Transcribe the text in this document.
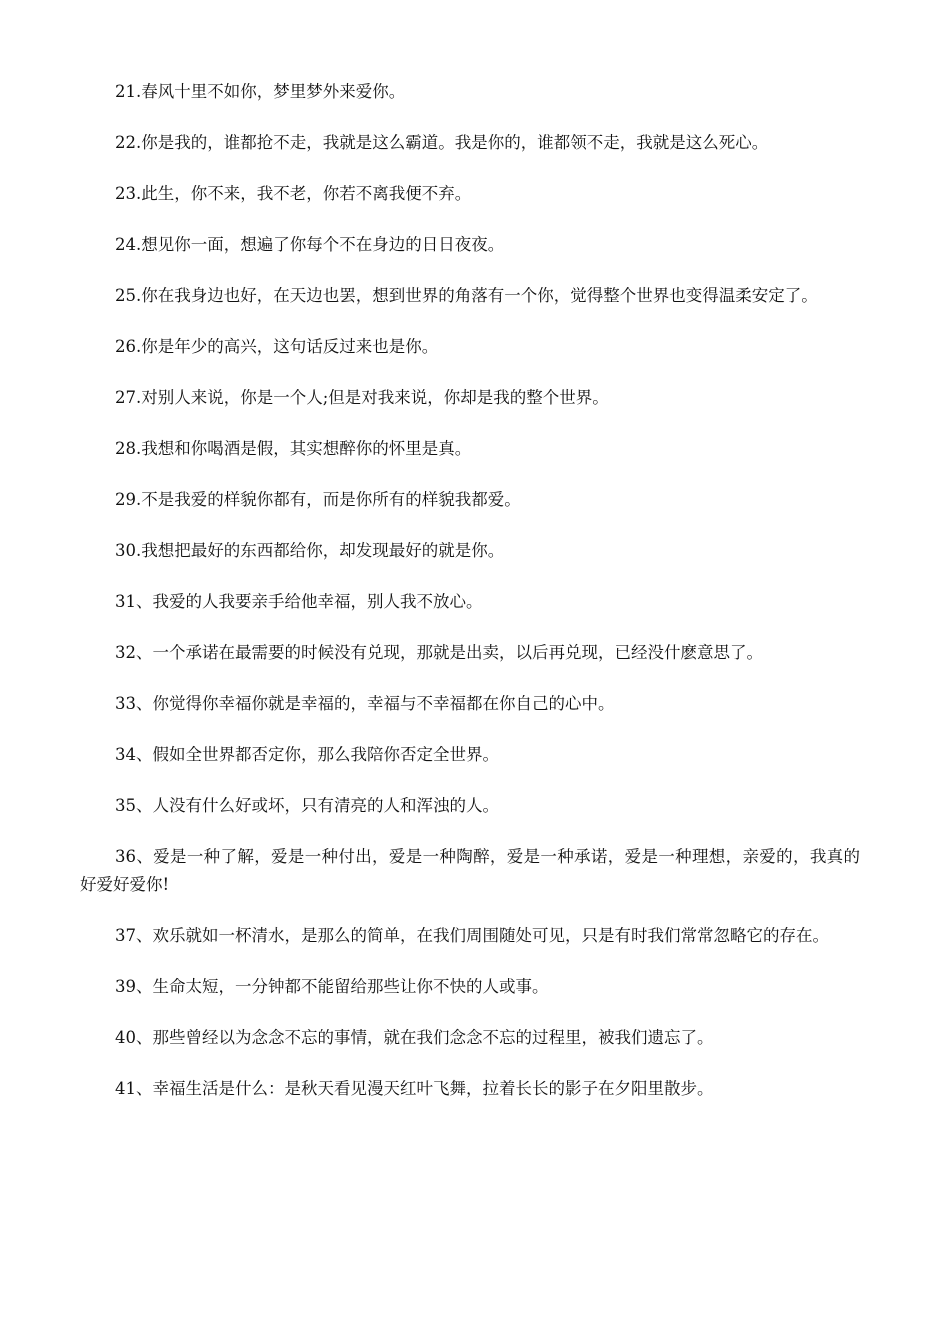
21.春风十里不如你，梦里梦外来爱你。

22.你是我的，谁都抢不走，我就是这么霸道。我是你的，谁都领不走，我就是这么死心。

23.此生，你不来，我不老，你若不离我便不弃。

24.想见你一面，想遍了你每个不在身边的日日夜夜。

25.你在我身边也好，在天边也罢，想到世界的角落有一个你，觉得整个世界也变得温柔安定了。

26.你是年少的高兴，这句话反过来也是你。

27.对别人来说，你是一个人;但是对我来说，你却是我的整个世界。

28.我想和你喝酒是假，其实想醉你的怀里是真。

29.不是我爱的样貌你都有，而是你所有的样貌我都爱。

30.我想把最好的东西都给你，却发现最好的就是你。

31、我爱的人我要亲手给他幸福，别人我不放心。

32、一个承诺在最需要的时候没有兑现，那就是出卖，以后再兑现，已经没什麽意思了。

33、你觉得你幸福你就是幸福的，幸福与不幸福都在你自己的心中。

34、假如全世界都否定你，那么我陪你否定全世界。

35、人没有什么好或坏，只有清亮的人和浑浊的人。

36、爱是一种了解，爱是一种付出，爱是一种陶醉，爱是一种承诺，爱是一种理想，亲爱的，我真的好爱好爱你!

37、欢乐就如一杯清水，是那么的简单，在我们周围随处可见，只是有时我们常常忽略它的存在。

39、生命太短，一分钟都不能留给那些让你不快的人或事。

40、那些曾经以为念念不忘的事情，就在我们念念不忘的过程里，被我们遗忘了。

41、幸福生活是什么：是秋天看见漫天红叶飞舞，拉着长长的影子在夕阳里散步。
